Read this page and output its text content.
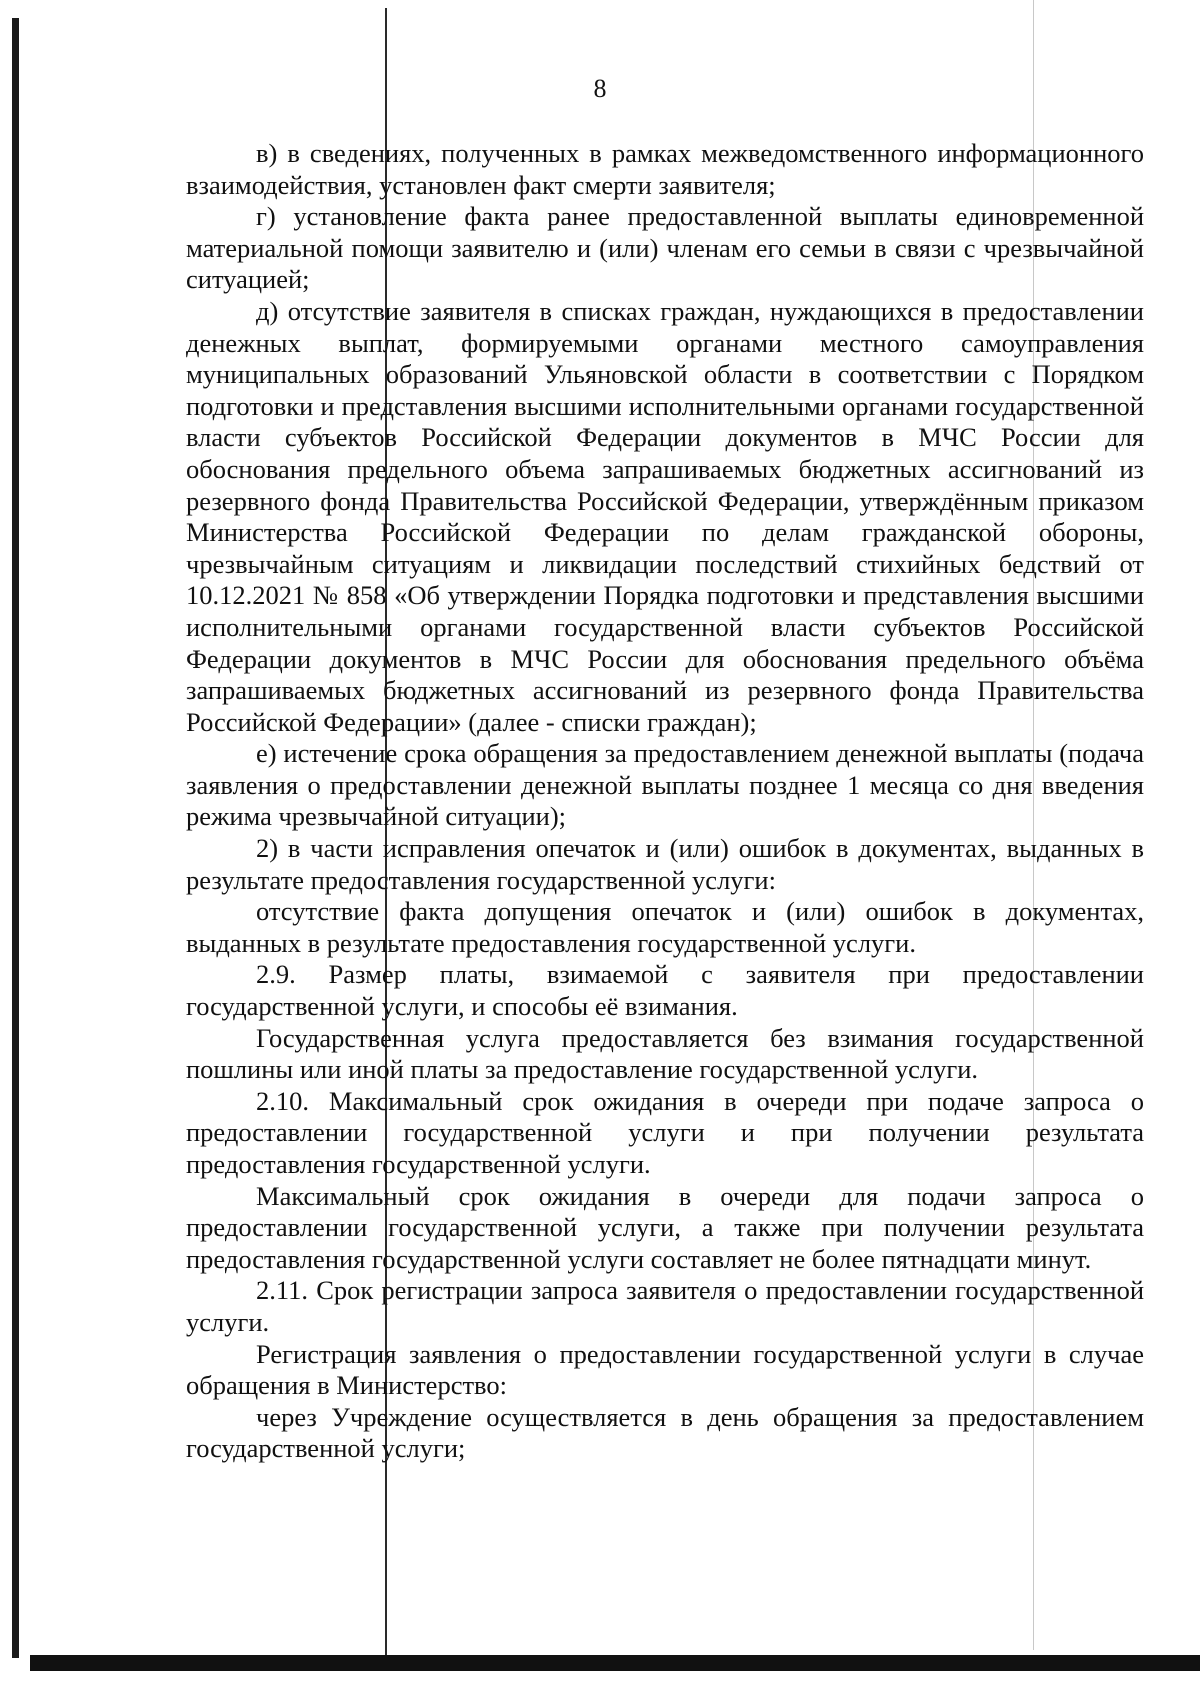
8

в) в сведениях, полученных в рамках межведомственного информационного взаимодействия, установлен факт смерти заявителя;

г) установление факта ранее предоставленной выплаты единовременной материальной помощи заявителю и (или) членам его семьи в связи с чрезвычайной ситуацией;

д) отсутствие заявителя в списках граждан, нуждающихся в предоставлении денежных выплат, формируемыми органами местного самоуправления муниципальных образований Ульяновской области в соответствии с Порядком подготовки и представления высшими исполнительными органами государственной власти субъектов Российской Федерации документов в МЧС России для обоснования предельного объема запрашиваемых бюджетных ассигнований из резервного фонда Правительства Российской Федерации, утверждённым приказом Министерства Российской Федерации по делам гражданской обороны, чрезвычайным ситуациям и ликвидации последствий стихийных бедствий от 10.12.2021 № 858 «Об утверждении Порядка подготовки и представления высшими исполнительными органами государственной власти субъектов Российской Федерации документов в МЧС России для обоснования предельного объёма запрашиваемых бюджетных ассигнований из резервного фонда Правительства Российской Федерации» (далее - списки граждан);

е) истечение срока обращения за предоставлением денежной выплаты (подача заявления о предоставлении денежной выплаты позднее 1 месяца со дня введения режима чрезвычайной ситуации);

2) в части исправления опечаток и (или) ошибок в документах, выданных в результате предоставления государственной услуги:

отсутствие факта допущения опечаток и (или) ошибок в документах, выданных в результате предоставления государственной услуги.

2.9. Размер платы, взимаемой с заявителя при предоставлении государственной услуги, и способы её взимания.

Государственная услуга предоставляется без взимания государственной пошлины или иной платы за предоставление государственной услуги.

2.10. Максимальный срок ожидания в очереди при подаче запроса о предоставлении государственной услуги и при получении результата предоставления государственной услуги.

Максимальный срок ожидания в очереди для подачи запроса о предоставлении государственной услуги, а также при получении результата предоставления государственной услуги составляет не более пятнадцати минут.

2.11. Срок регистрации запроса заявителя о предоставлении государственной услуги.

Регистрация заявления о предоставлении государственной услуги в случае обращения в Министерство:

через Учреждение осуществляется в день обращения за предоставлением государственной услуги;
